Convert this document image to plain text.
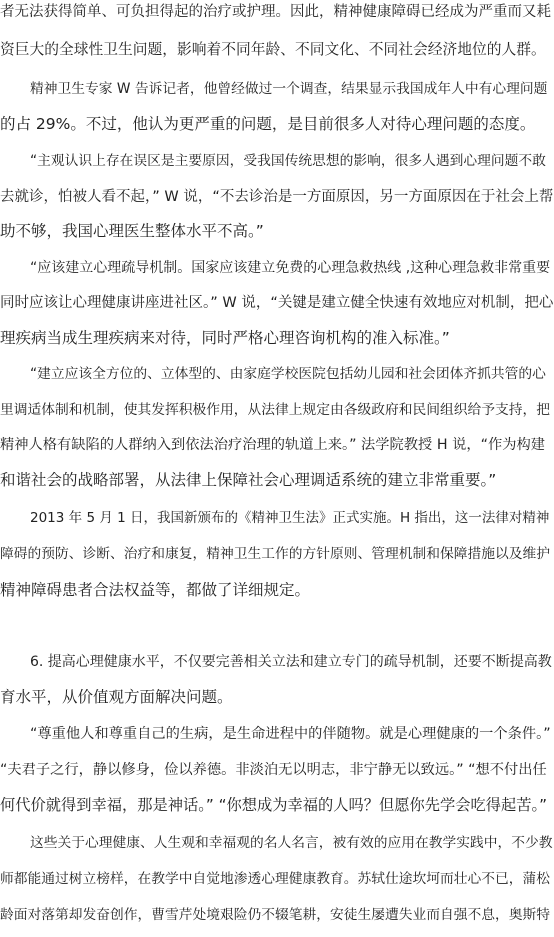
者无法获得简单、可负担得起的治疗或护理。因此，精神健康障碍已经成为严重而又耗
资巨大的全球性卫生问题，影响着不同年龄、不同文化、不同社会经济地位的人群。
精神卫生专家 W 告诉记者，他曾经做过一个调查，结果显示我国成年人中有心理问题
的占 29%。不过，他认为更严重的问题，是目前很多人对待心理问题的态度。
“主观认识上存在误区是主要原因，受我国传统思想的影响，很多人遇到心理问题不敢
去就诊，怕被人看不起，” W 说，“不去诊治是一方面原因，另一方面原因在于社会上帮
助不够，我国心理医生整体水平不高。”
“应该建立心理疏导机制。国家应该建立免费的心理急救热线 ,这种心理急救非常重要
同时应该让心理健康讲座进社区。” W 说，“关键是建立健全快速有效地应对机制，把心
理疾病当成生理疾病来对待，同时严格心理咨询机构的准入标准。”
“建立应该全方位的、立体型的、由家庭学校医院包括幼儿园和社会团体齐抓共管的心
里调适体制和机制，使其发挥积极作用，从法律上规定由各级政府和民间组织给予支持，把
精神人格有缺陷的人群纳入到依法治疗治理的轨道上来。” 法学院教授 H 说，“作为构建
和谐社会的战略部署，从法律上保障社会心理调适系统的建立非常重要。”
2013 年 5 月 1 日，我国新颁布的《精神卫生法》正式实施。H 指出，这一法律对精神
障碍的预防、诊断、治疗和康复，精神卫生工作的方针原则、管理机制和保障措施以及维护
精神障碍患者合法权益等，都做了详细规定。
6. 提高心理健康水平，不仅要完善相关立法和建立专门的疏导机制，还要不断提高教
育水平，从价值观方面解决问题。
“尊重他人和尊重自己的生病，是生命进程中的伴随物。就是心理健康的一个条件。”
“夫君子之行，静以修身，俭以养德。非淡泊无以明志，非宁静无以致远。” “想不付出任
何代价就得到幸福，那是神话。” “你想成为幸福的人吗？但愿你先学会吃得起苦。”
这些关于心理健康、人生观和幸福观的名人名言，被有效的应用在教学实践中，不少教
师都能通过树立榜样，在教学中自觉地渗透心理健康教育。苏轼仕途坎坷而壮心不已，蒲松
龄面对落第却发奋创作，曹雪芹处境艰险仍不辍笔耕，安徒生屡遭失业而自强不息，奥斯特
